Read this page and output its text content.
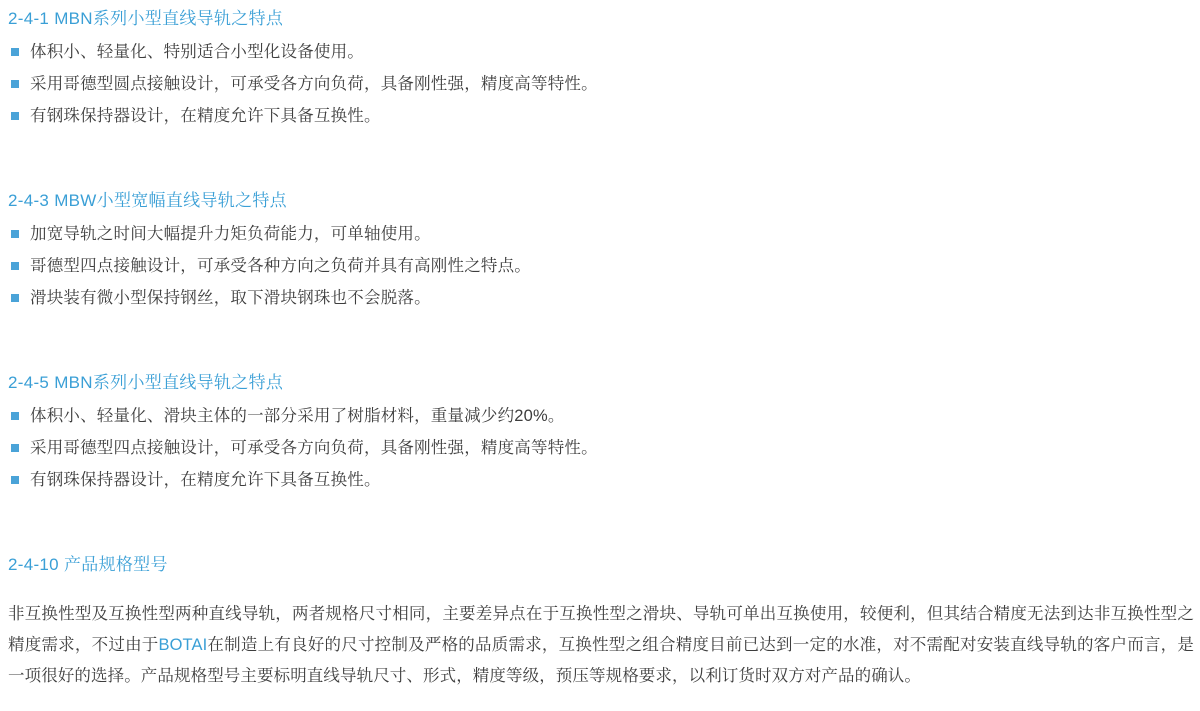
2-4-1 MBN系列小型直线导轨之特点
体积小、轻量化、特别适合小型化设备使用。
采用哥德型圆点接触设计，可承受各方向负荷，具备刚性强，精度高等特性。
有钢珠保持器设计，在精度允许下具备互换性。
2-4-3 MBW小型宽幅直线导轨之特点
加宽导轨之时间大幅提升力矩负荷能力，可单轴使用。
哥德型四点接触设计，可承受各种方向之负荷并具有高刚性之特点。
滑块装有微小型保持钢丝，取下滑块钢珠也不会脱落。
2-4-5 MBN系列小型直线导轨之特点
体积小、轻量化、滑块主体的一部分采用了树脂材料，重量减少约20%。
采用哥德型四点接触设计，可承受各方向负荷，具备刚性强，精度高等特性。
有钢珠保持器设计，在精度允许下具备互换性。
2-4-10 产品规格型号

非互换性型及互换性型两种直线导轨，两者规格尺寸相同，主要差异点在于互换性型之滑块、导轨可单出互换使用，较便利，但其结合精度无法到达非互换性型之精度需求，不过由于BOTAI在制造上有良好的尺寸控制及严格的品质需求，互换性型之组合精度目前已达到一定的水准，对不需配对安装直线导轨的客户而言，是一项很好的选择。产品规格型号主要标明直线导轨尺寸、形式，精度等级，预压等规格要求，以利订货时双方对产品的确认。
